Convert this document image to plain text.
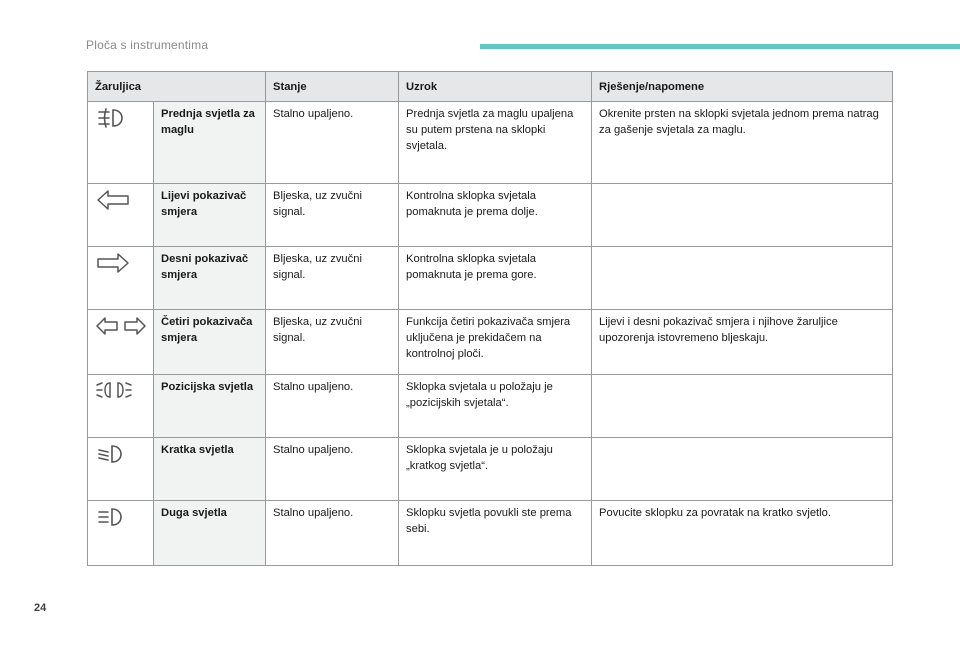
Ploča s instrumentima
Žaruljica		Stanje	Uzrok	Rješenje/napomene
	Prednja svjetla za maglu	Stalno upaljeno.	Prednja svjetla za maglu upaljena su putem prstena na sklopki svjetala.	Okrenite prsten na sklopki svjetala jednom prema natrag za gašenje svjetala za maglu.
	Lijevi pokazivač smjera	Bljeska, uz zvučni signal.	Kontrolna sklopka svjetala pomaknuta je prema dolje.	
	Desni pokazivač smjera	Bljeska, uz zvučni signal.	Kontrolna sklopka svjetala pomaknuta je prema gore.	
	Četiri pokazivača smjera	Bljeska, uz zvučni signal.	Funkcija četiri pokazivača smjera uključena je prekidačem na kontrolnoj ploči.	Lijevi i desni pokazivač smjera i njihove žaruljice upozorenja istovremeno bljeskaju.
	Pozicijska svjetla	Stalno upaljeno.	Sklopka svjetala u položaju je „pozicijskih svjetala“.	
	Kratka svjetla	Stalno upaljeno.	Sklopka svjetala je u položaju „kratkog svjetla“.	
	Duga svjetla	Stalno upaljeno.	Sklopku svjetla povukli ste prema sebi.	Povucite sklopku za povratak na kratko svjetlo.
24
